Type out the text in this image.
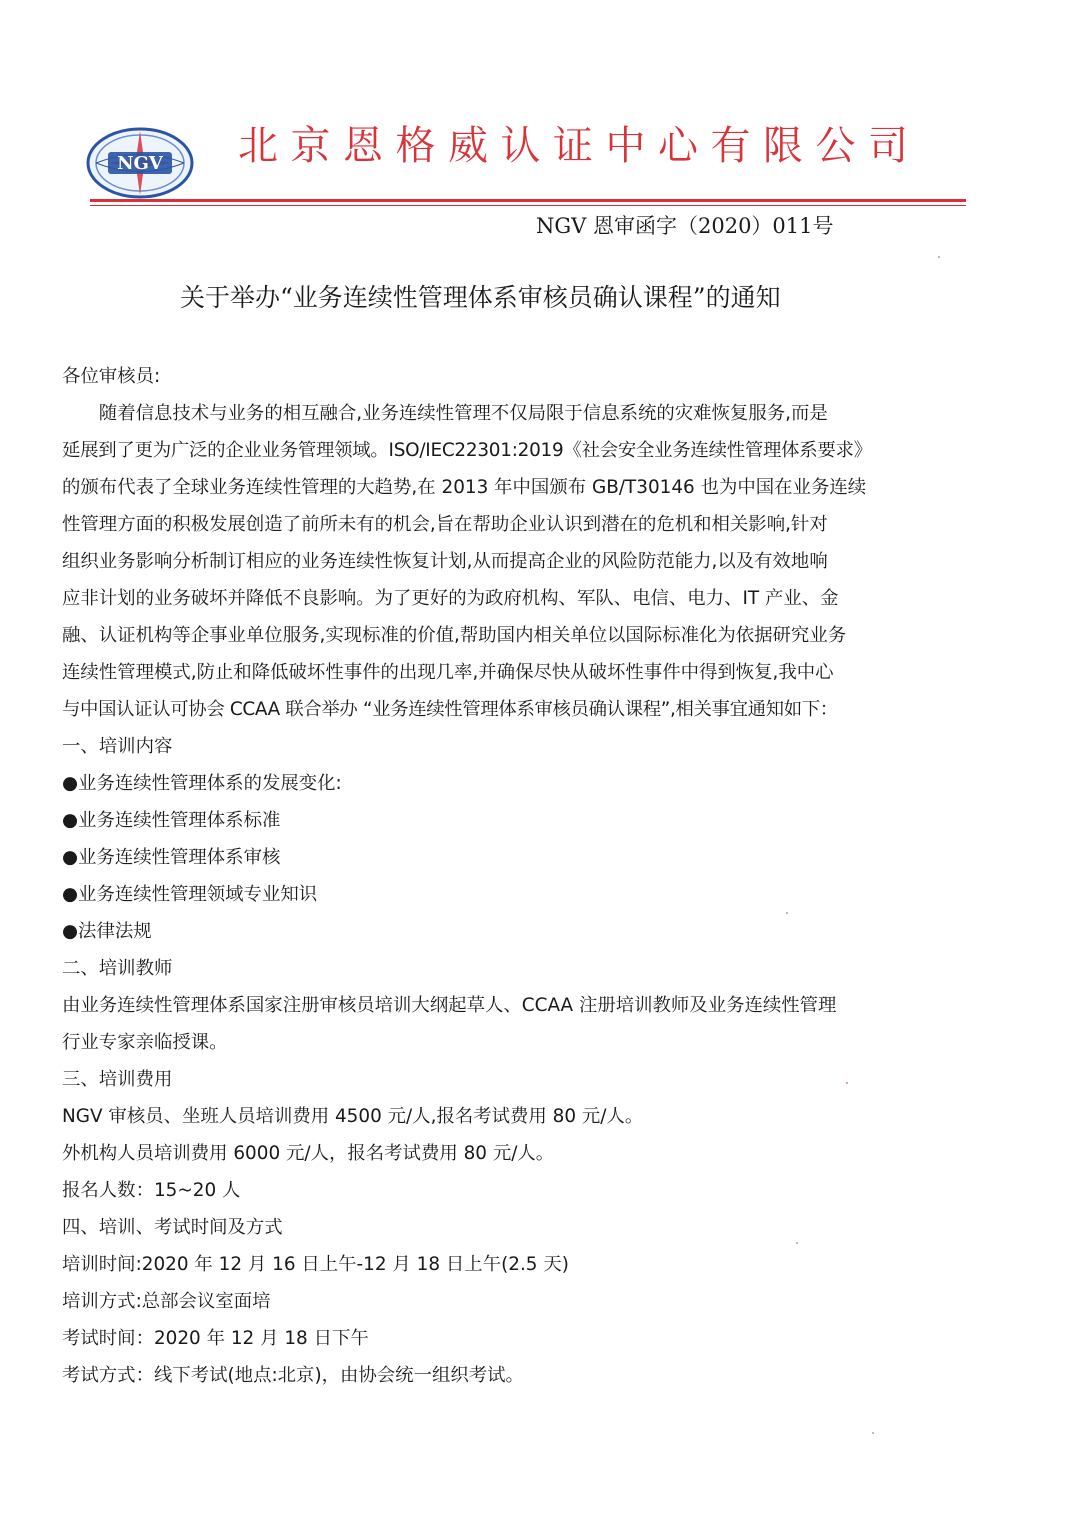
NGV 北京恩格威认证中心有限公司
NGV 恩审函字（2020）011号
关于举办“业务连续性管理体系审核员确认课程”的通知

各位审核员:

随着信息技术与业务的相互融合,业务连续性管理不仅局限于信息系统的灾难恢复服务,而是

延展到了更为广泛的企业业务管理领域。ISO/IEC22301:2019《社会安全业务连续性管理体系要求》

的颁布代表了全球业务连续性管理的大趋势,在 2013 年中国颁布 GB/T30146 也为中国在业务连续

性管理方面的积极发展创造了前所未有的机会,旨在帮助企业认识到潜在的危机和相关影响,针对

组织业务影响分析制订相应的业务连续性恢复计划,从而提高企业的风险防范能力,以及有效地响

应非计划的业务破坏并降低不良影响。为了更好的为政府机构、军队、电信、电力、IT 产业、金

融、认证机构等企事业单位服务,实现标准的价值,帮助国内相关单位以国际标准化为依据研究业务

连续性管理模式,防止和降低破坏性事件的出现几率,并确保尽快从破坏性事件中得到恢复,我中心

与中国认证认可协会 CCAA 联合举办 “业务连续性管理体系审核员确认课程”,相关事宜通知如下：

一、培训内容

●业务连续性管理体系的发展变化:

●业务连续性管理体系标准

●业务连续性管理体系审核

●业务连续性管理领域专业知识

●法律法规

二、培训教师

由业务连续性管理体系国家注册审核员培训大纲起草人、CCAA 注册培训教师及业务连续性管理

行业专家亲临授课。

三、培训费用

NGV 审核员、坐班人员培训费用 4500 元/人,报名考试费用 80 元/人。

外机构人员培训费用 6000 元/人，报名考试费用 80 元/人。

报名人数：15~20 人

四、培训、考试时间及方式

培训时间:2020 年 12 月 16 日上午-12 月 18 日上午(2.5 天)

培训方式:总部会议室面培

考试时间：2020 年 12 月 18 日下午

考试方式：线下考试(地点:北京)，由协会统一组织考试。
